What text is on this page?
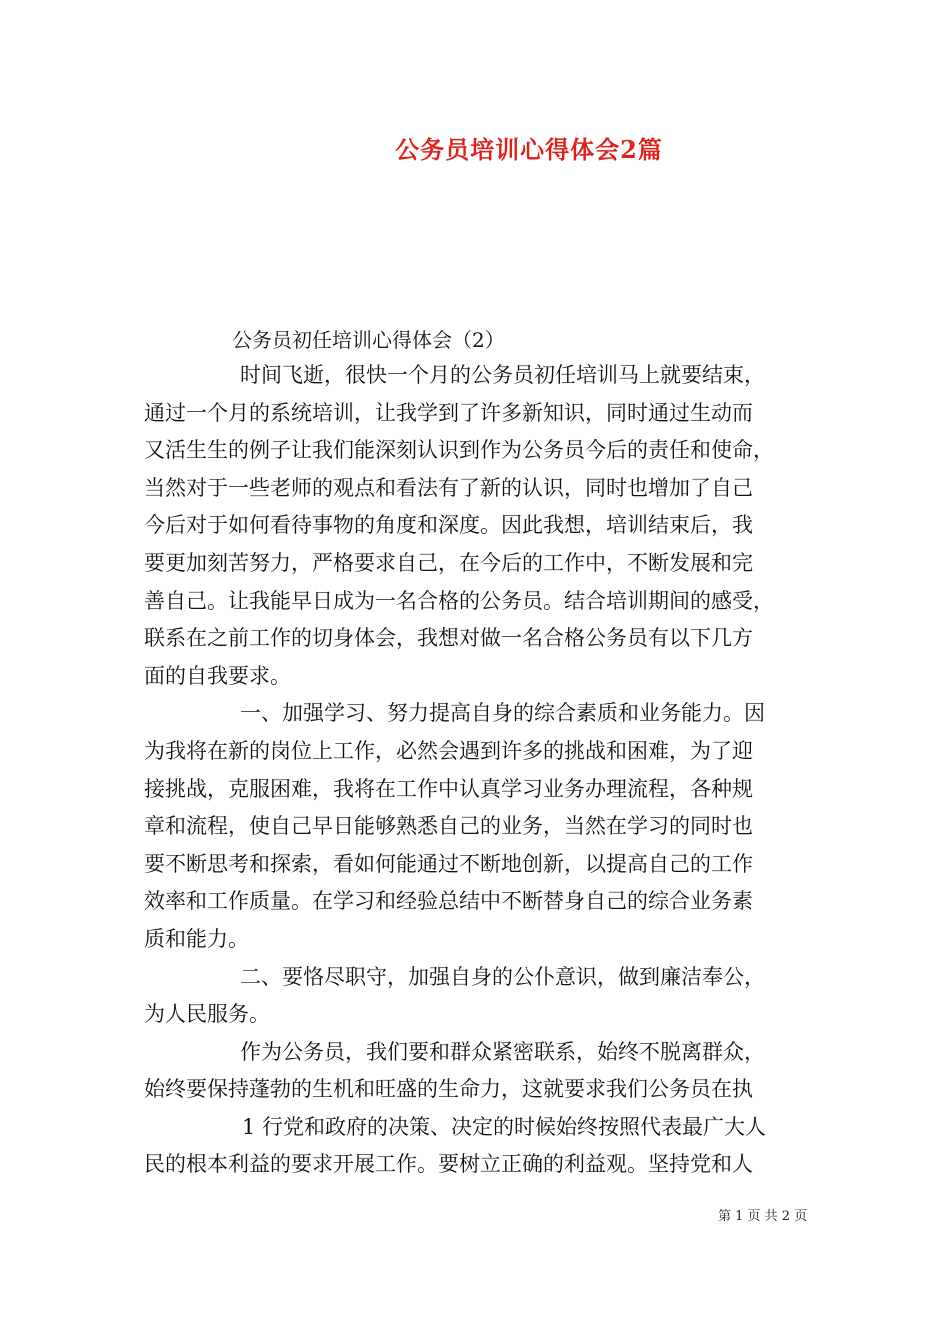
公务员培训心得体会2篇
公务员初任培训心得体会（2）
时间飞逝，很快一个月的公务员初任培训马上就要结束，
通过一个月的系统培训，让我学到了许多新知识，同时通过生动而
又活生生的例子让我们能深刻认识到作为公务员今后的责任和使命，
当然对于一些老师的观点和看法有了新的认识，同时也增加了自己
今后对于如何看待事物的角度和深度。因此我想，培训结束后，我
要更加刻苦努力，严格要求自己，在今后的工作中，不断发展和完
善自己。让我能早日成为一名合格的公务员。结合培训期间的感受，
联系在之前工作的切身体会，我想对做一名合格公务员有以下几方
面的自我要求。
一、加强学习、努力提高自身的综合素质和业务能力。因
为我将在新的岗位上工作，必然会遇到许多的挑战和困难，为了迎
接挑战，克服困难，我将在工作中认真学习业务办理流程，各种规
章和流程，使自己早日能够熟悉自己的业务，当然在学习的同时也
要不断思考和探索，看如何能通过不断地创新，以提高自己的工作
效率和工作质量。在学习和经验总结中不断替身自己的综合业务素
质和能力。
二、要恪尽职守，加强自身的公仆意识，做到廉洁奉公，
为人民服务。
作为公务员，我们要和群众紧密联系，始终不脱离群众，
始终要保持蓬勃的生机和旺盛的生命力，这就要求我们公务员在执
1 行党和政府的决策、决定的时候始终按照代表最广大人
民的根本利益的要求开展工作。要树立正确的利益观。坚持党和人
第 1 页 共 2 页
